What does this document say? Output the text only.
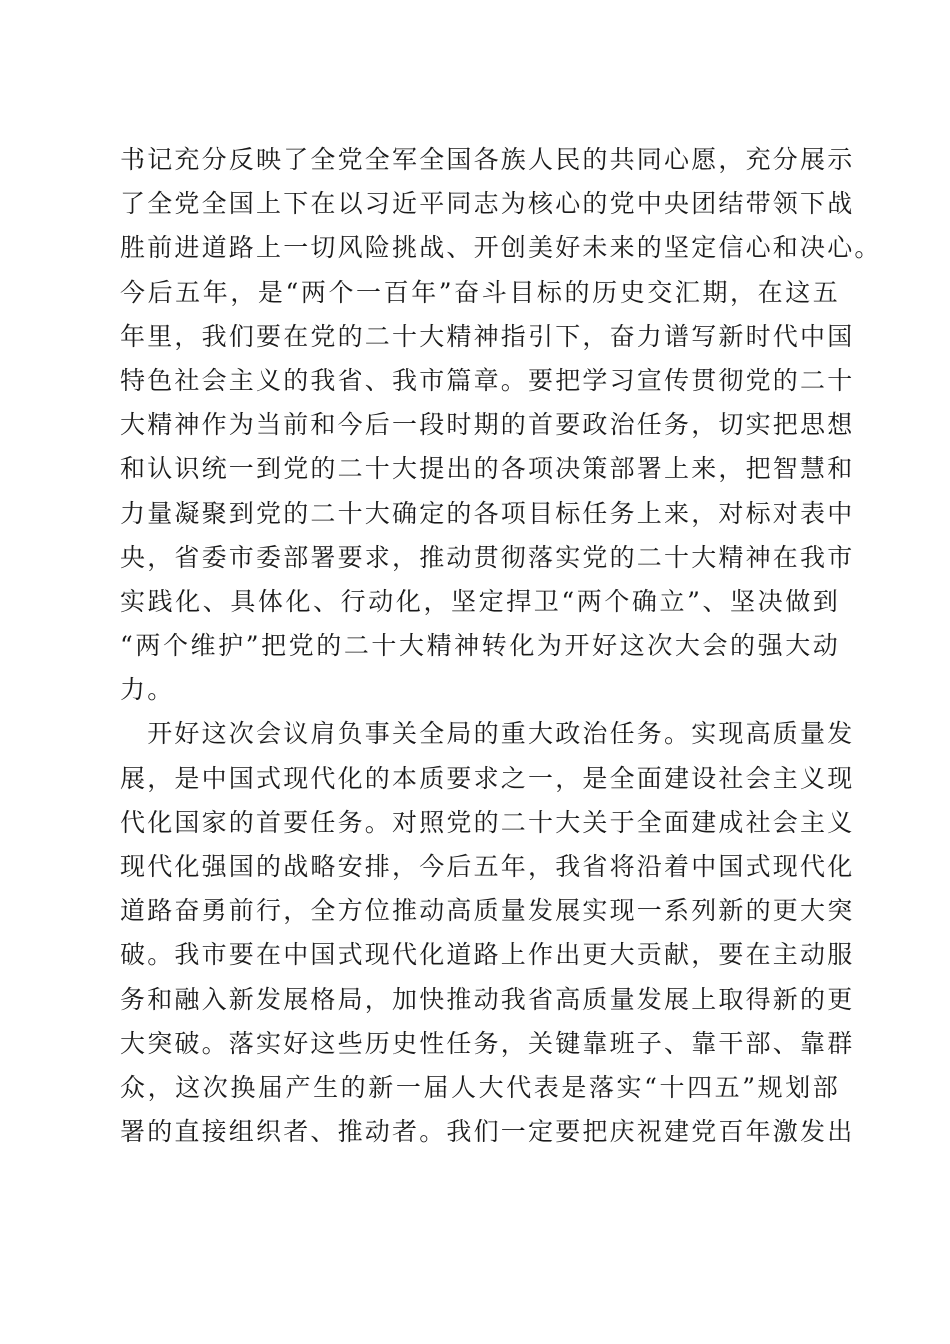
书记充分反映了全党全军全国各族人民的共同心愿，充分展示
了全党全国上下在以习近平同志为核心的党中央团结带领下战
胜前进道路上一切风险挑战、开创美好未来的坚定信心和决心。
今后五年，是“两个一百年”奋斗目标的历史交汇期，在这五
年里，我们要在党的二十大精神指引下，奋力谱写新时代中国
特色社会主义的我省、我市篇章。要把学习宣传贯彻党的二十
大精神作为当前和今后一段时期的首要政治任务，切实把思想
和认识统一到党的二十大提出的各项决策部署上来，把智慧和
力量凝聚到党的二十大确定的各项目标任务上来，对标对表中
央，省委市委部署要求，推动贯彻落实党的二十大精神在我市
实践化、具体化、行动化，坚定捍卫“两个确立”、坚决做到
“两个维护”把党的二十大精神转化为开好这次大会的强大动
力。
　开好这次会议肩负事关全局的重大政治任务。实现高质量发
展，是中国式现代化的本质要求之一，是全面建设社会主义现
代化国家的首要任务。对照党的二十大关于全面建成社会主义
现代化强国的战略安排，今后五年，我省将沿着中国式现代化
道路奋勇前行，全方位推动高质量发展实现一系列新的更大突
破。我市要在中国式现代化道路上作出更大贡献，要在主动服
务和融入新发展格局，加快推动我省高质量发展上取得新的更
大突破。落实好这些历史性任务，关键靠班子、靠干部、靠群
众，这次换届产生的新一届人大代表是落实“十四五”规划部
署的直接组织者、推动者。我们一定要把庆祝建党百年激发出
